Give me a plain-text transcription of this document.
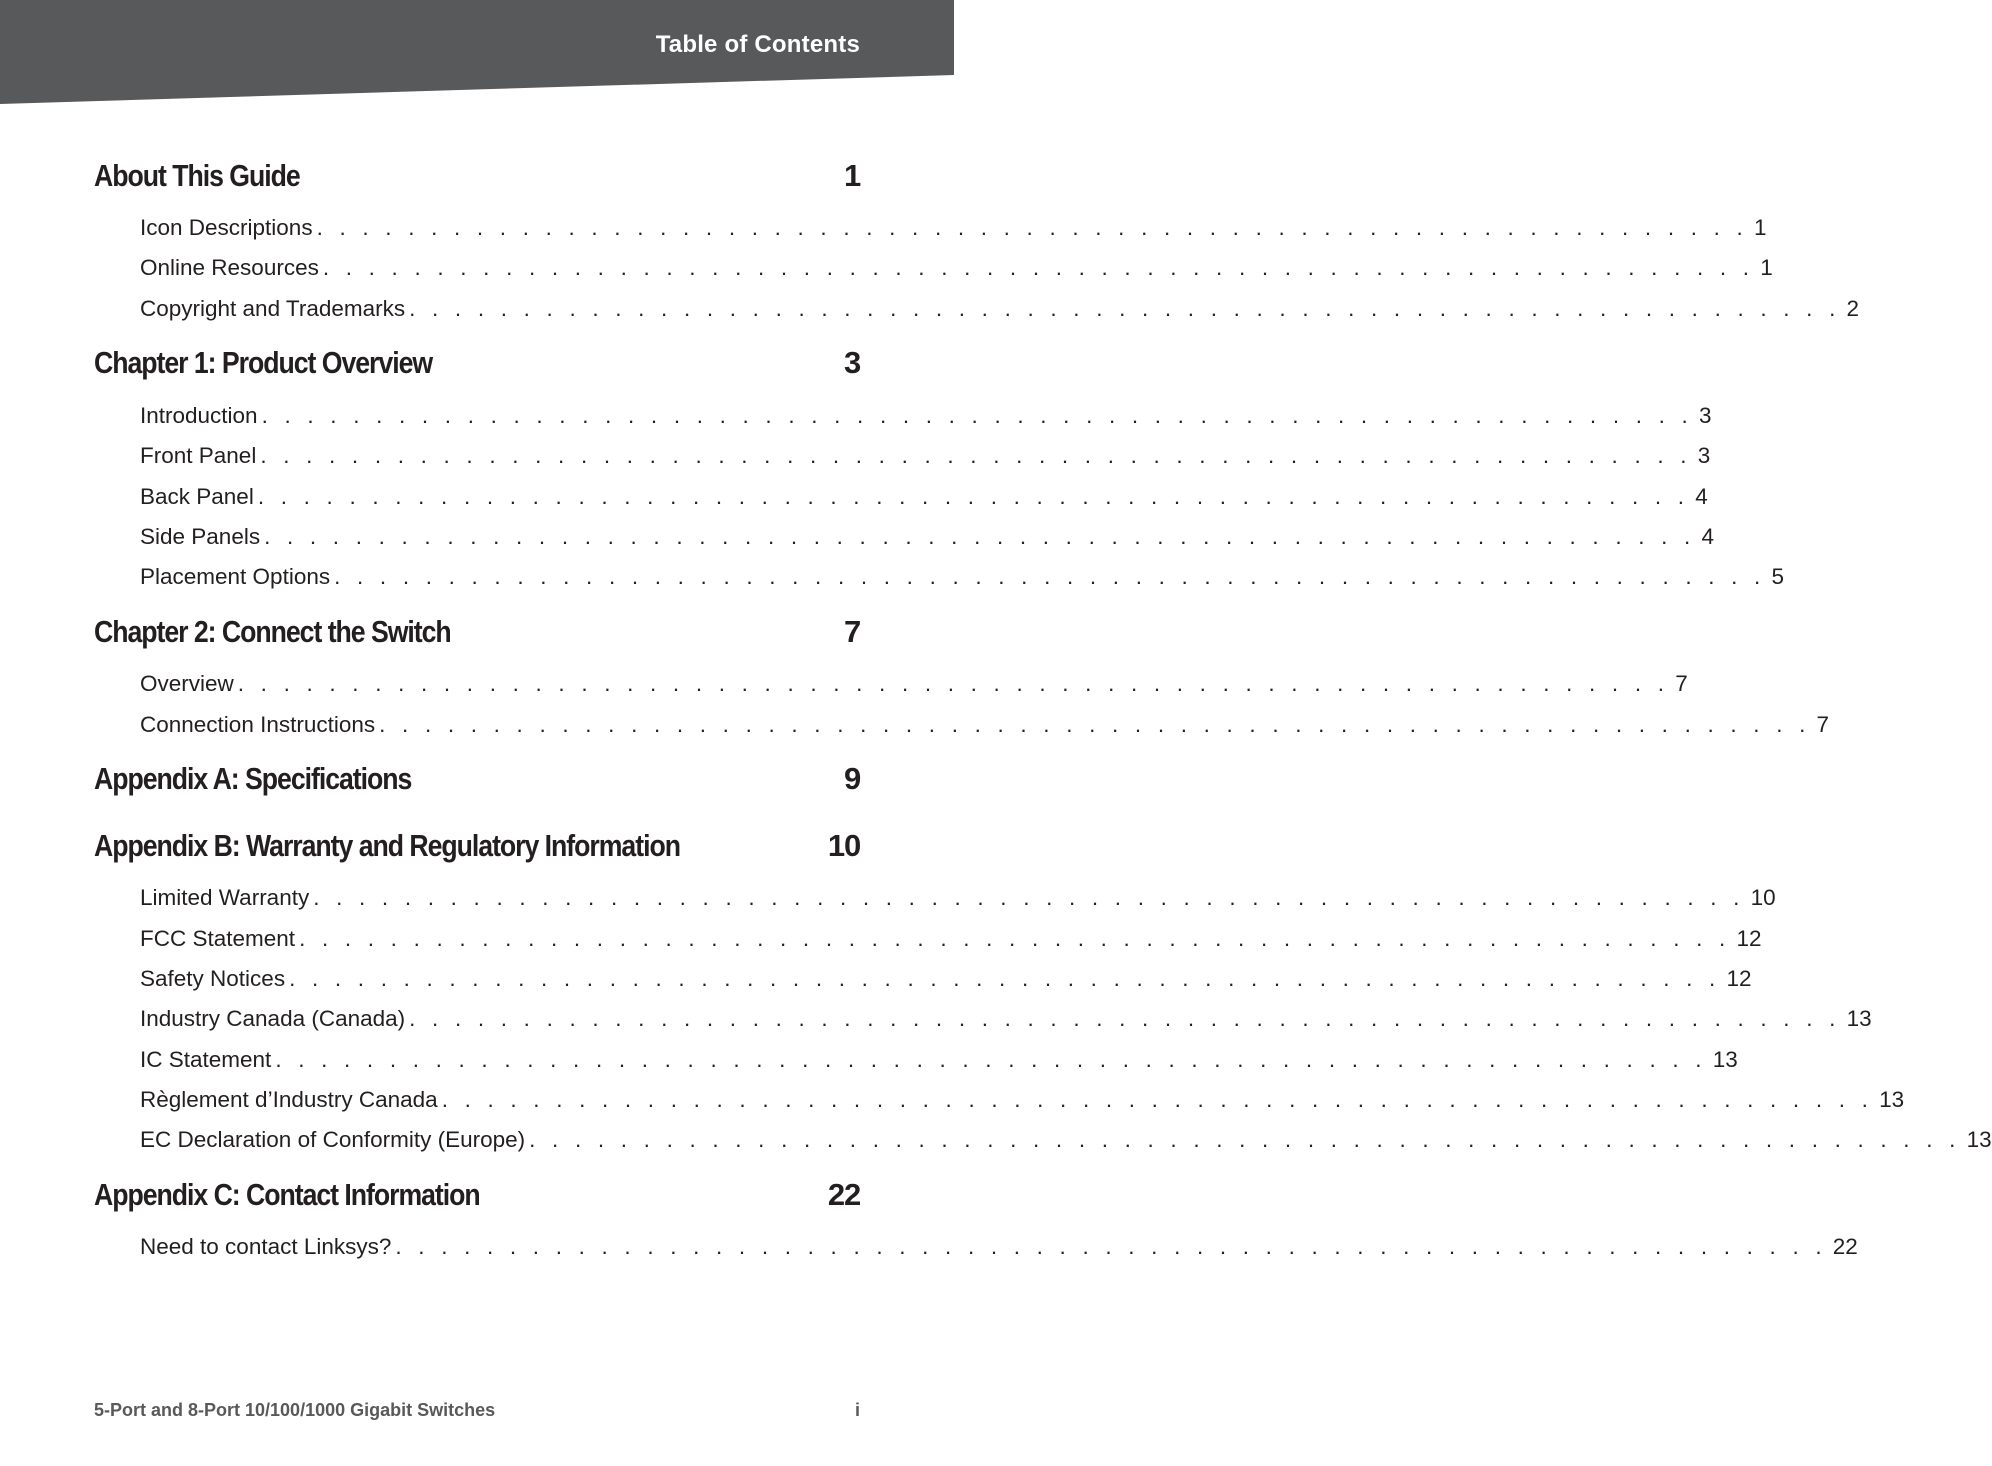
Table of Contents
About This Guide	1
Icon Descriptions . . . . . . . . . . . . . . . . . . . . . . . . . . . . . . . . . . . . . . . . . . . . . . . . . . . . . . . . . . . . . . . 1
Online Resources . . . . . . . . . . . . . . . . . . . . . . . . . . . . . . . . . . . . . . . . . . . . . . . . . . . . . . . . . . . . . . . 1
Copyright and Trademarks . . . . . . . . . . . . . . . . . . . . . . . . . . . . . . . . . . . . . . . . . . . . . . . . . . . . . . . . . . . . . . . 2
Chapter 1: Product Overview	3
Introduction . . . . . . . . . . . . . . . . . . . . . . . . . . . . . . . . . . . . . . . . . . . . . . . . . . . . . . . . . . . . . . . 3
Front Panel . . . . . . . . . . . . . . . . . . . . . . . . . . . . . . . . . . . . . . . . . . . . . . . . . . . . . . . . . . . . . . . 3
Back Panel . . . . . . . . . . . . . . . . . . . . . . . . . . . . . . . . . . . . . . . . . . . . . . . . . . . . . . . . . . . . . . . 4
Side Panels . . . . . . . . . . . . . . . . . . . . . . . . . . . . . . . . . . . . . . . . . . . . . . . . . . . . . . . . . . . . . . . 4
Placement Options . . . . . . . . . . . . . . . . . . . . . . . . . . . . . . . . . . . . . . . . . . . . . . . . . . . . . . . . . . . . . . . 5
Chapter 2: Connect the Switch	7
Overview . . . . . . . . . . . . . . . . . . . . . . . . . . . . . . . . . . . . . . . . . . . . . . . . . . . . . . . . . . . . . . . 7
Connection Instructions . . . . . . . . . . . . . . . . . . . . . . . . . . . . . . . . . . . . . . . . . . . . . . . . . . . . . . . . . . . . . . . 7
Appendix A: Specifications	9
Appendix B: Warranty and Regulatory Information	10
Limited Warranty . . . . . . . . . . . . . . . . . . . . . . . . . . . . . . . . . . . . . . . . . . . . . . . . . . . . . . . . . . . . . . . 10
FCC Statement . . . . . . . . . . . . . . . . . . . . . . . . . . . . . . . . . . . . . . . . . . . . . . . . . . . . . . . . . . . . . . . 12
Safety Notices . . . . . . . . . . . . . . . . . . . . . . . . . . . . . . . . . . . . . . . . . . . . . . . . . . . . . . . . . . . . . . . 12
Industry Canada (Canada) . . . . . . . . . . . . . . . . . . . . . . . . . . . . . . . . . . . . . . . . . . . . . . . . . . . . . . . . . . . . . . . 13
IC Statement . . . . . . . . . . . . . . . . . . . . . . . . . . . . . . . . . . . . . . . . . . . . . . . . . . . . . . . . . . . . . . . 13
Règlement d’Industry Canada . . . . . . . . . . . . . . . . . . . . . . . . . . . . . . . . . . . . . . . . . . . . . . . . . . . . . . . . . . . . . . . 13
EC Declaration of Conformity (Europe) . . . . . . . . . . . . . . . . . . . . . . . . . . . . . . . . . . . . . . . . . . . . . . . . . . . . . . . . . . . . . . . 13
Appendix C: Contact Information	22
Need to contact Linksys? . . . . . . . . . . . . . . . . . . . . . . . . . . . . . . . . . . . . . . . . . . . . . . . . . . . . . . . . . . . . . . . 22
5-Port and 8-Port 10/100/1000 Gigabit Switches	i
